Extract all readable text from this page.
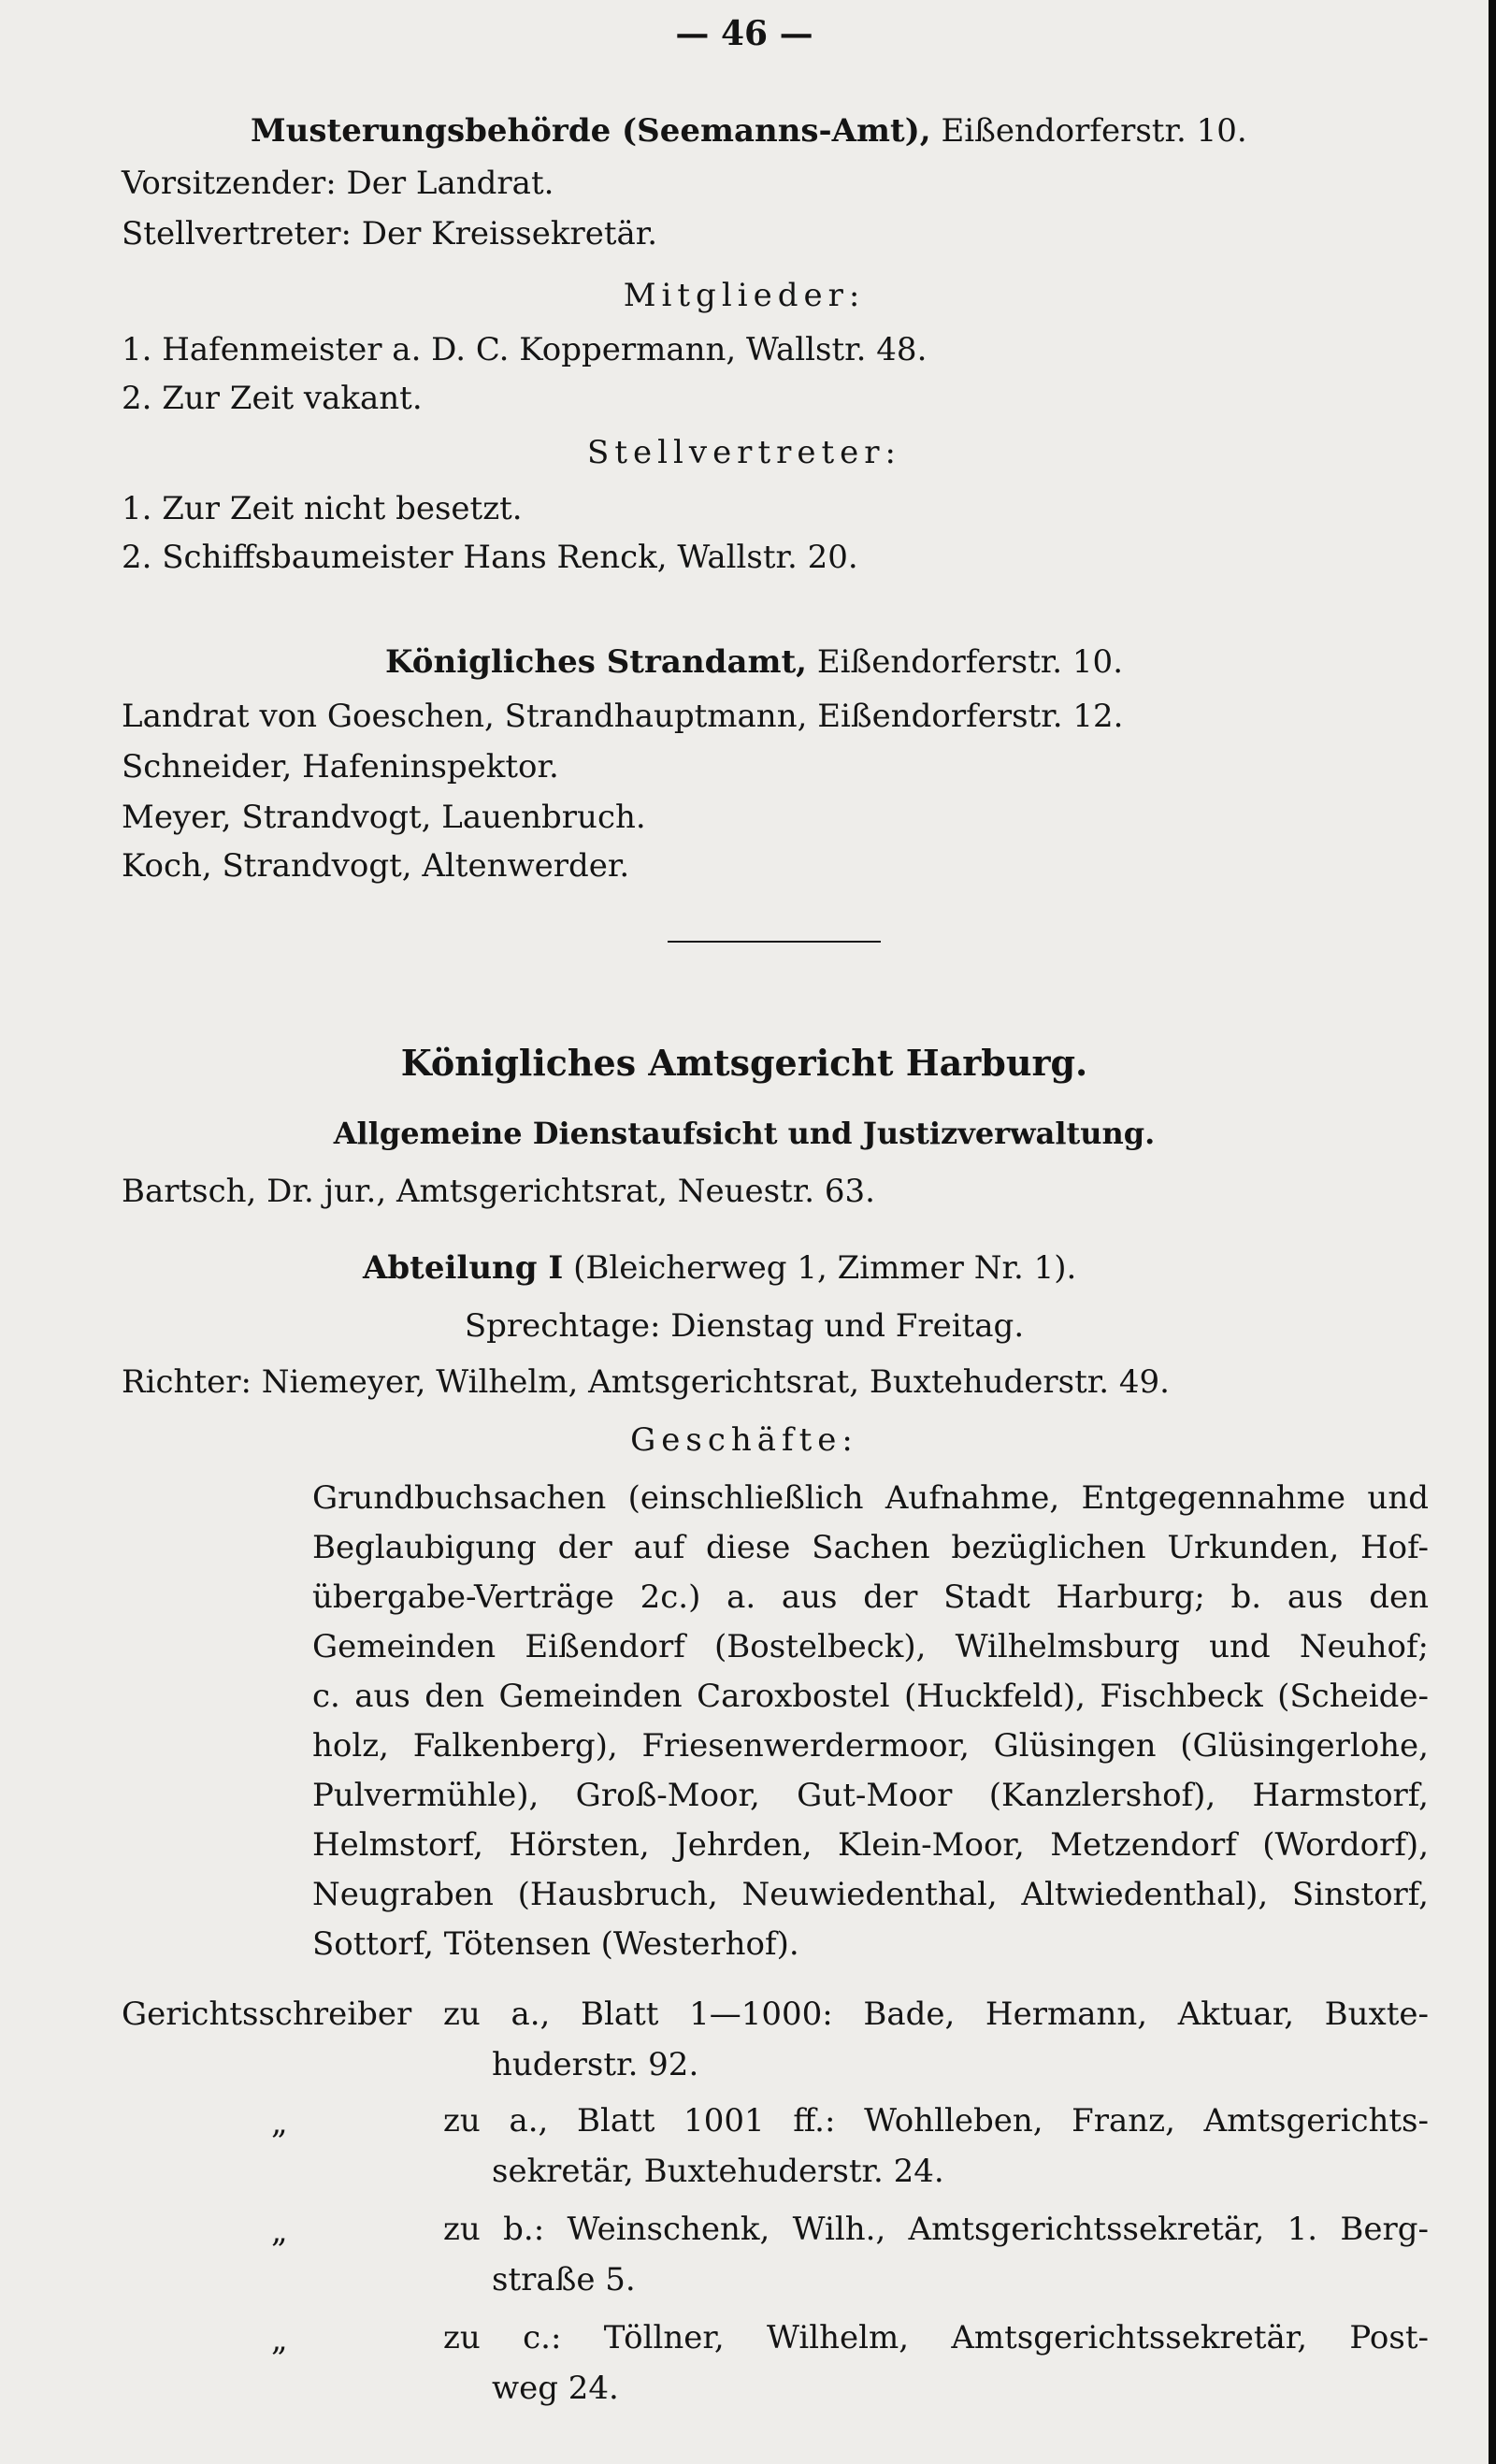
— 46 —
Musterungsbehörde (Seemanns-Amt), Eißendorferstr. 10.
Vorsitzender: Der Landrat.
Stellvertreter: Der Kreissekretär.
Mitglieder:
1. Hafenmeister a. D. C. Koppermann, Wallstr. 48.
2. Zur Zeit vakant.
Stellvertreter:
1. Zur Zeit nicht besetzt.
2. Schiffsbaumeister Hans Renck, Wallstr. 20.
Königliches Strandamt, Eißendorferstr. 10.
Landrat von Goeschen, Strandhauptmann, Eißendorferstr. 12.
Schneider, Hafeninspektor.
Meyer, Strandvogt, Lauenbruch.
Koch, Strandvogt, Altenwerder.
Königliches Amtsgericht Harburg.
Allgemeine Dienstaufsicht und Justizverwaltung.
Bartsch, Dr. jur., Amtsgerichtsrat, Neuestr. 63.
Abteilung I (Bleicherweg 1, Zimmer Nr. 1).
Sprechtage: Dienstag und Freitag.
Richter: Niemeyer, Wilhelm, Amtsgerichtsrat, Buxtehuderstr. 49.
Geschäfte:
Grundbuchsachen (einschließlich Aufnahme, Entgegennahme und
Beglaubigung der auf diese Sachen bezüglichen Urkunden, Hof-
übergabe-Verträge 2c.) a. aus der Stadt Harburg; b. aus den
Gemeinden Eißendorf (Bostelbeck), Wilhelmsburg und Neuhof;
c. aus den Gemeinden Caroxbostel (Huckfeld), Fischbeck (Scheide-
holz, Falkenberg), Friesenwerdermoor, Glüsingen (Glüsingerlohe,
Pulvermühle), Groß-Moor, Gut-Moor (Kanzlershof), Harmstorf,
Helmstorf, Hörsten, Jehrden, Klein-Moor, Metzendorf (Wordorf),
Neugraben (Hausbruch, Neuwiedenthal, Altwiedenthal), Sinstorf,
Sottorf, Tötensen (Westerhof).
Gerichtsschreiber zu a., Blatt 1—1000: Bade, Hermann, Aktuar, Buxte-
huderstr. 92.
„	zu a., Blatt 1001 ff.: Wohlleben, Franz, Amtsgerichts-
sekretär, Buxtehuderstr. 24.
„	zu b.: Weinschenk, Wilh., Amtsgerichtssekretär, 1. Berg-
straße 5.
„	zu c.: Töllner, Wilhelm, Amtsgerichtssekretär, Post-
weg 24.
